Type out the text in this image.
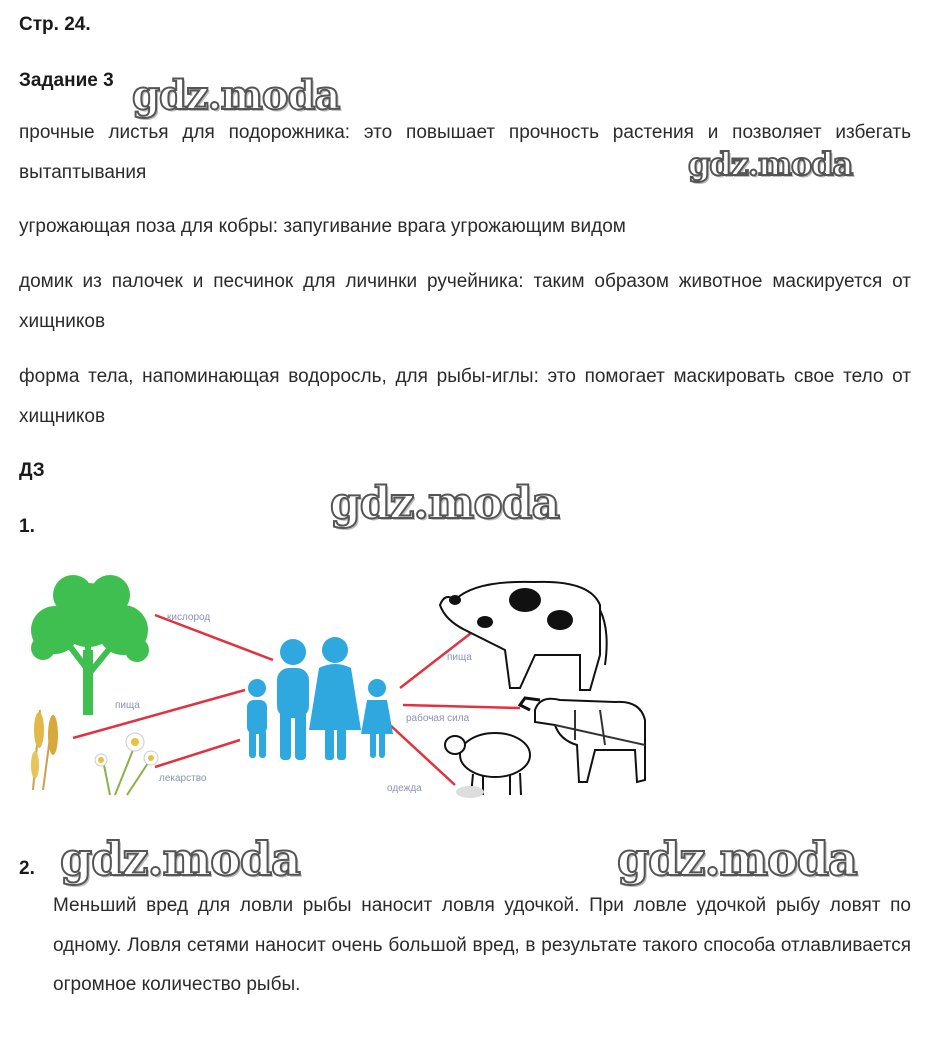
Стр. 24.
Задание 3
прочные листья для подорожника: это повышает прочность растения и позволяет избегать вытаптывания
угрожающая поза для кобры: запугивание врага угрожающим видом
домик из палочек и песчинок для личинки ручейника: таким образом животное маскируется от хищников
форма тела, напоминающая водоросль, для рыбы-иглы: это помогает маскировать свое тело от хищников
ДЗ
1.
кислород
пища
лекарство
пища
рабочая сила
одежда
2.
Меньший вред для ловли рыбы наносит ловля удочкой. При ловле удочкой рыбу ловят по одному. Ловля сетями наносит очень большой вред, в результате такого способа отлавливается огромное количество рыбы.
gdz.moda
gdz.moda
gdz.moda
gdz.moda	gdz.moda
